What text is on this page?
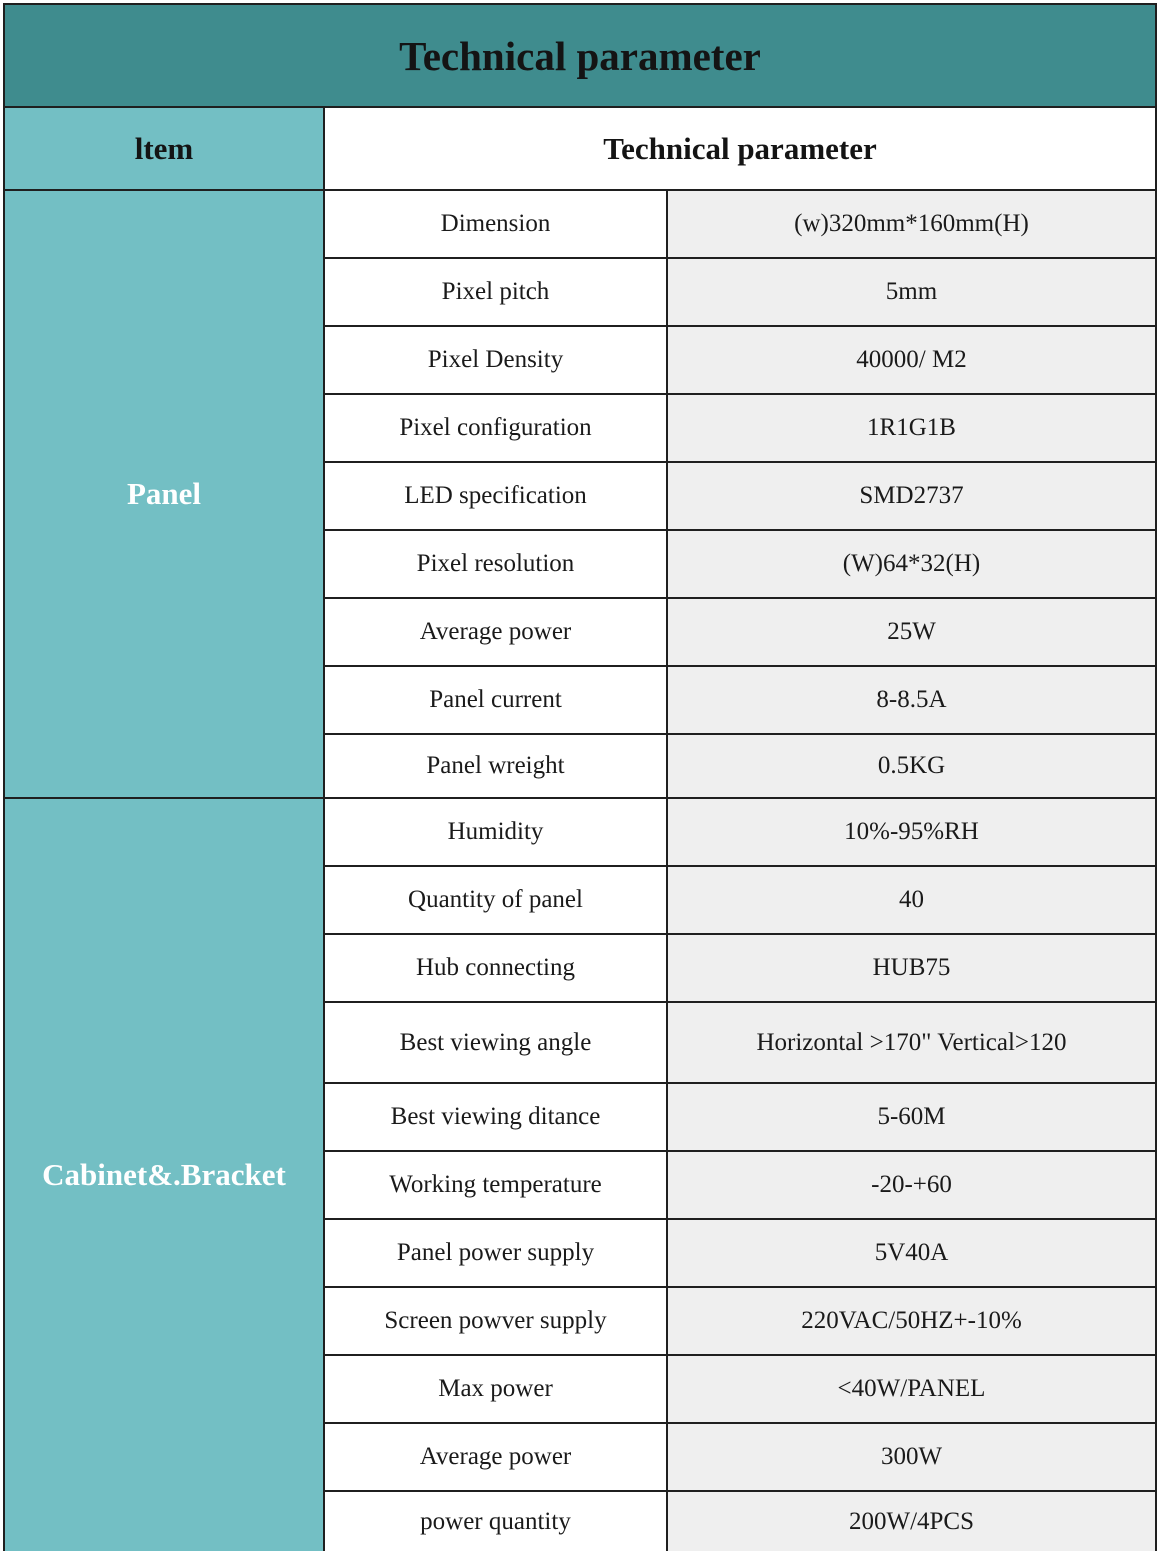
Technical parameter
ltem	Technical parameter
Panel
Dimension	(w)320mm*160mm(H)
Pixel pitch	5mm
Pixel Density	40000/ M2
Pixel configuration	1R1G1B
LED specification	SMD2737
Pixel resolution	(W)64*32(H)
Average power	25W
Panel current	8-8.5A
Panel wreight	0.5KG
Cabinet&.Bracket
Humidity	10%-95%RH
Quantity of panel	40
Hub connecting	HUB75
Best viewing angle	Horizontal >170" Vertical>120
Best viewing ditance	5-60M
Working temperature	-20-+60
Panel power supply	5V40A
Screen powver supply	220VAC/50HZ+-10%
Max power	<40W/PANEL
Average power	300W
power quantity	200W/4PCS
